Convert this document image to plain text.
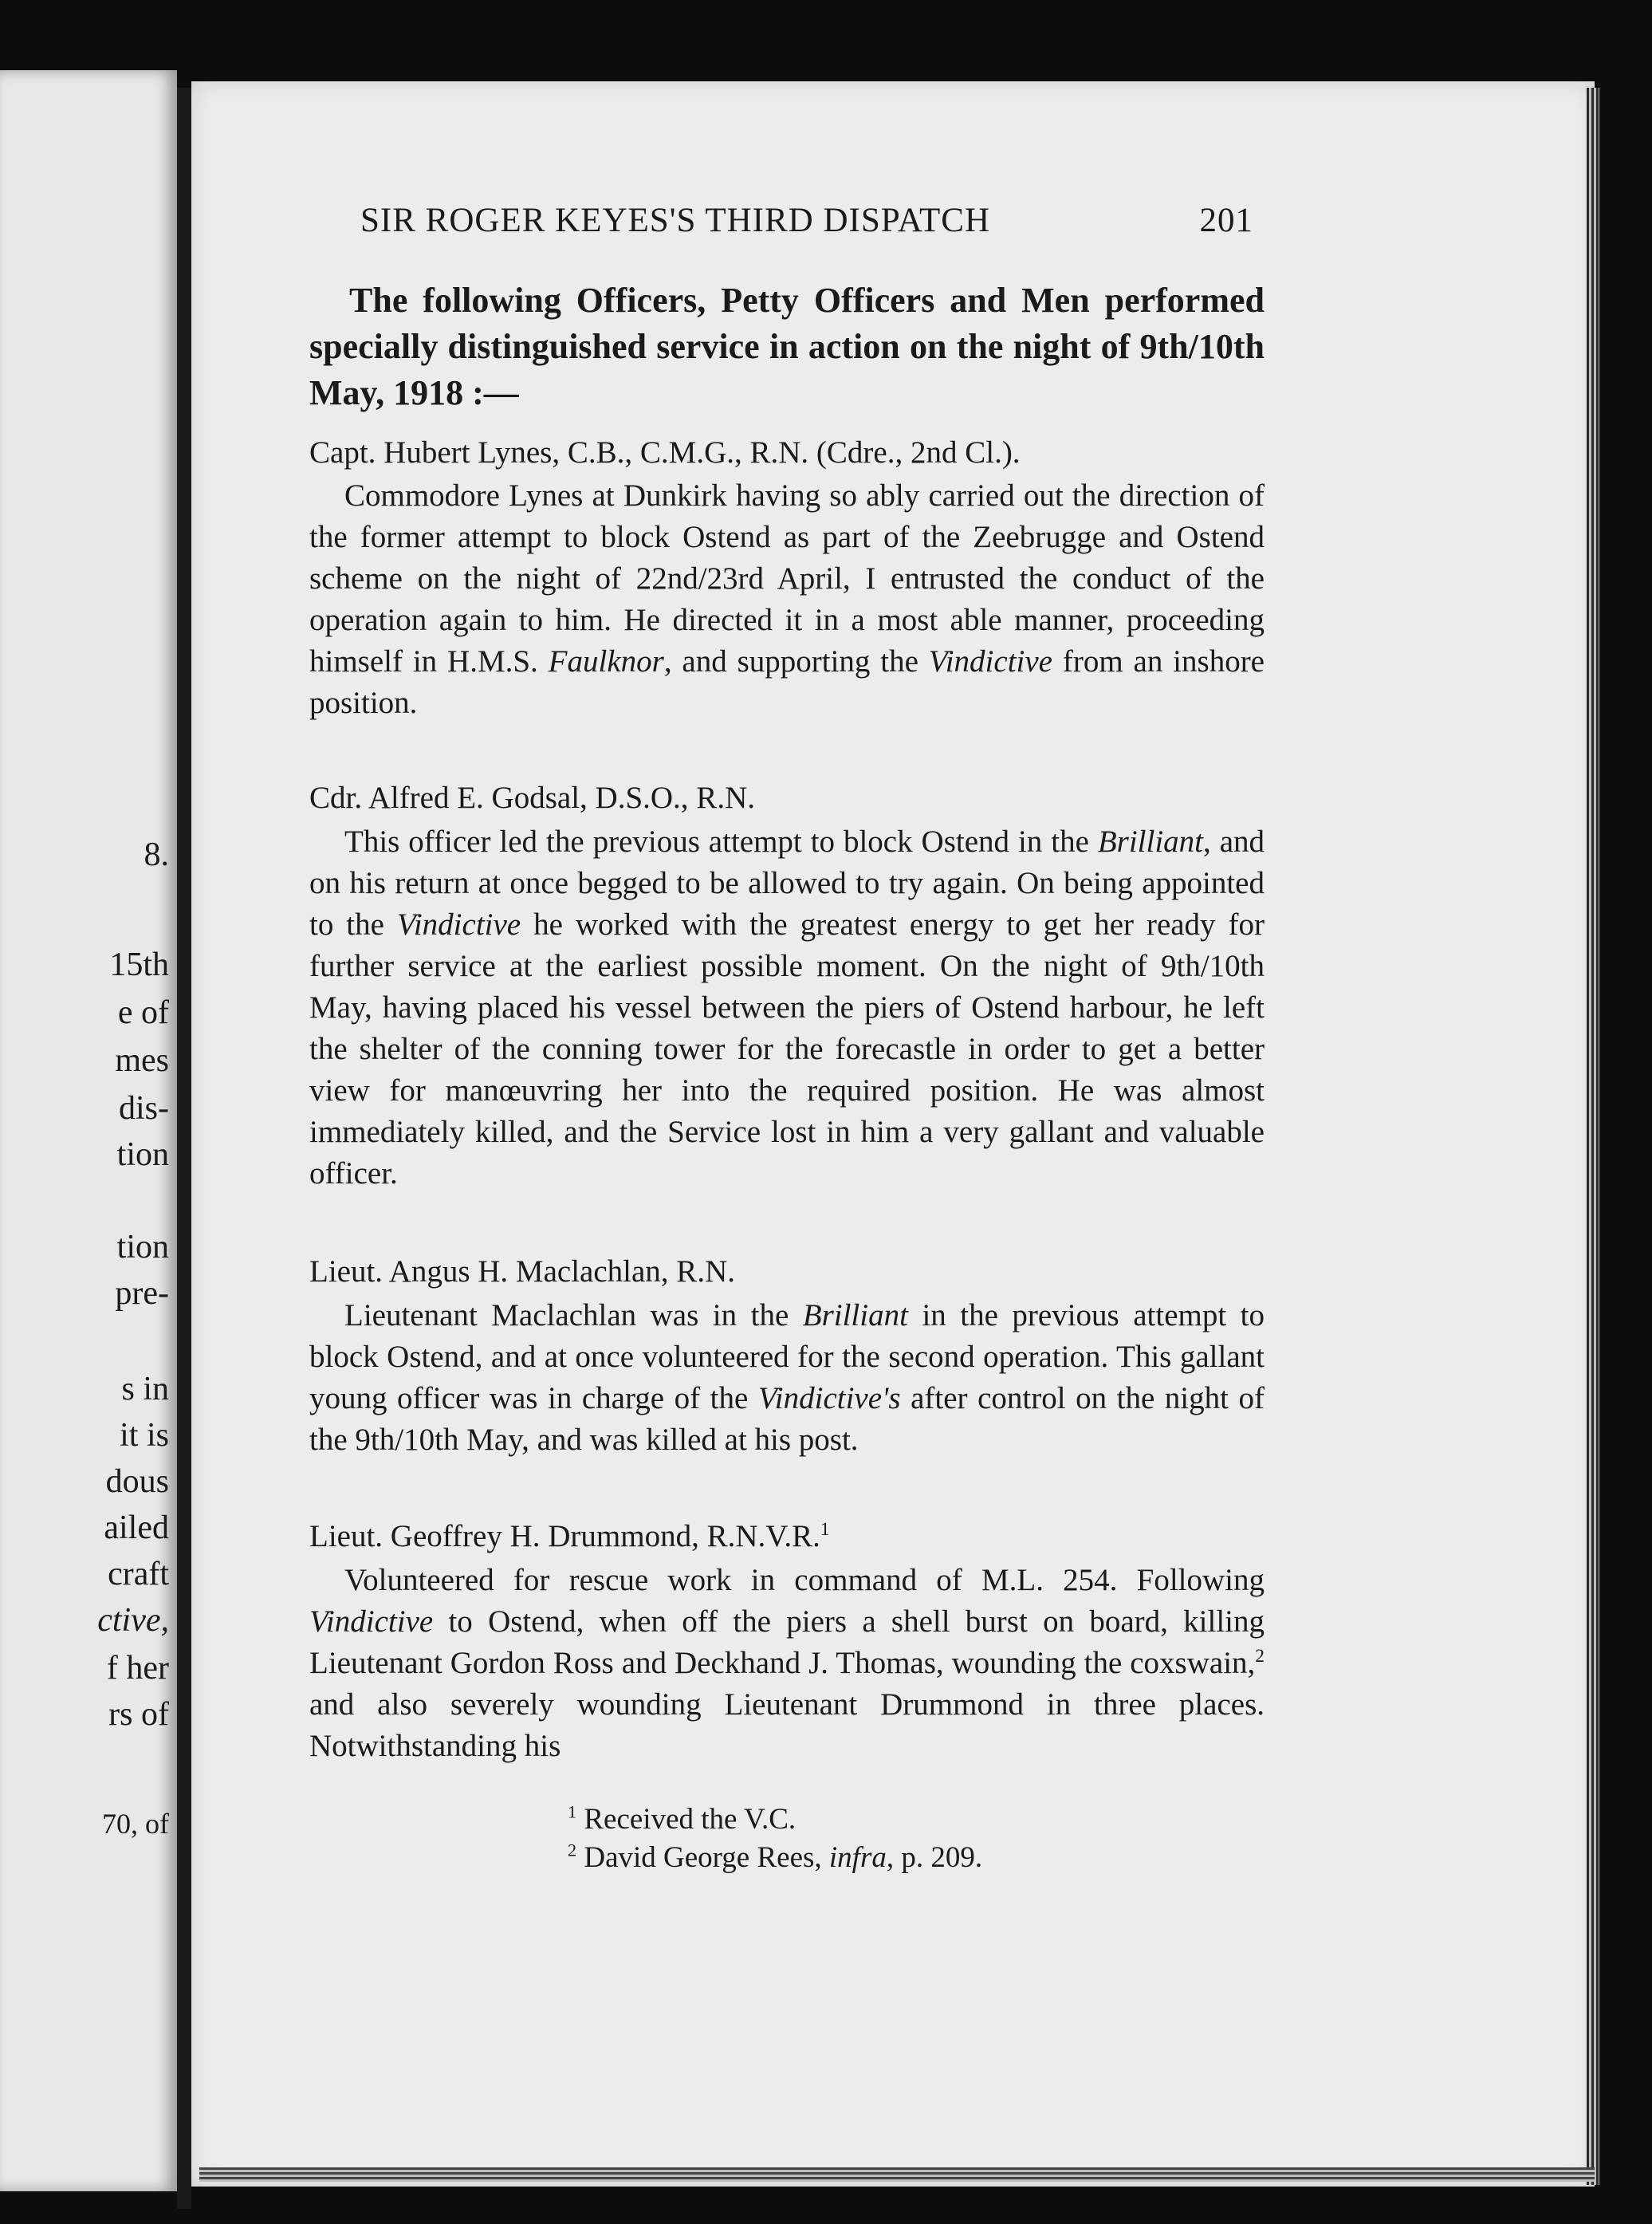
8.
15th
e of
mes
dis-
tion
tion
pre-
s in
it is
dous
ailed
craft
ctive,
f her
rs of
70, of
SIR ROGER KEYES'S THIRD DISPATCH	201
The following Officers, Petty Officers and Men performed specially distinguished service in action on the night of 9th/10th May, 1918 :—
Capt. Hubert Lynes, C.B., C.M.G., R.N. (Cdre., 2nd Cl.).
Commodore Lynes at Dunkirk having so ably carried out the direction of the former attempt to block Ostend as part of the Zeebrugge and Ostend scheme on the night of 22nd/23rd April, I entrusted the conduct of the operation again to him. He directed it in a most able manner, proceeding himself in H.M.S. Faulknor, and supporting the Vindictive from an inshore position.
Cdr. Alfred E. Godsal, D.S.O., R.N.
This officer led the previous attempt to block Ostend in the Brilliant, and on his return at once begged to be allowed to try again. On being appointed to the Vindictive he worked with the greatest energy to get her ready for further service at the earliest possible moment. On the night of 9th/10th May, having placed his vessel between the piers of Ostend harbour, he left the shelter of the conning tower for the forecastle in order to get a better view for manœuvring her into the required position. He was almost immediately killed, and the Service lost in him a very gallant and valuable officer.
Lieut. Angus H. Maclachlan, R.N.
Lieutenant Maclachlan was in the Brilliant in the previous attempt to block Ostend, and at once volunteered for the second operation. This gallant young officer was in charge of the Vindictive's after control on the night of the 9th/10th May, and was killed at his post.
Lieut. Geoffrey H. Drummond, R.N.V.R.$^1$
Volunteered for rescue work in command of M.L. 254. Following Vindictive to Ostend, when off the piers a shell burst on board, killing Lieutenant Gordon Ross and Deckhand J. Thomas, wounding the coxswain,$^2$ and also severely wounding Lieutenant Drummond in three places. Notwithstanding his
$^1$ Received the V.C.
$^2$ David George Rees, infra, p. 209.
